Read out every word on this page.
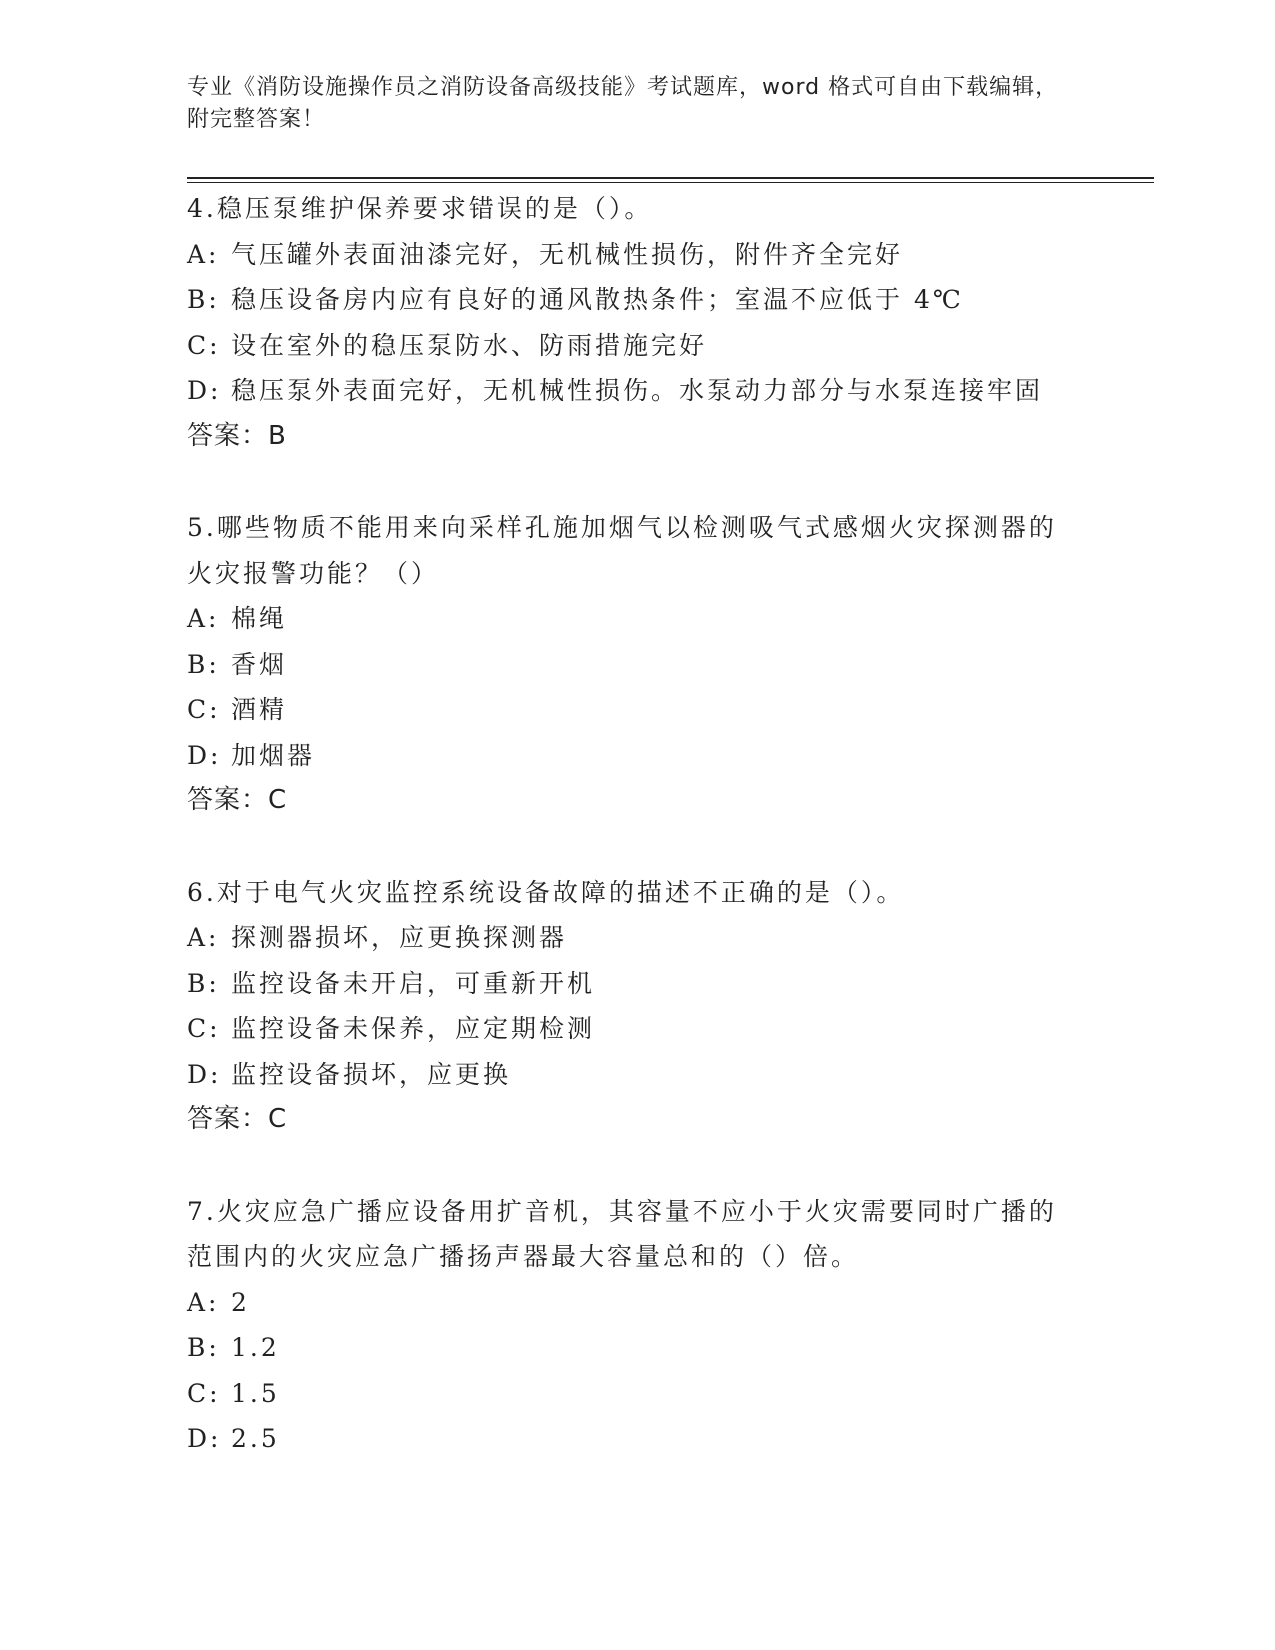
专业《消防设施操作员之消防设备高级技能》考试题库，word 格式可自由下载编辑，附完整答案！
4.稳压泵维护保养要求错误的是（）。
A: 气压罐外表面油漆完好，无机械性损伤，附件齐全完好
B: 稳压设备房内应有良好的通风散热条件；室温不应低于 4℃
C: 设在室外的稳压泵防水、防雨措施完好
D: 稳压泵外表面完好，无机械性损伤。水泵动力部分与水泵连接牢固
答案：B
5.哪些物质不能用来向采样孔施加烟气以检测吸气式感烟火灾探测器的火灾报警功能？（）
A: 棉绳
B: 香烟
C: 酒精
D: 加烟器
答案：C
6.对于电气火灾监控系统设备故障的描述不正确的是（）。
A: 探测器损坏，应更换探测器
B: 监控设备未开启，可重新开机
C: 监控设备未保养，应定期检测
D: 监控设备损坏，应更换
答案：C
7.火灾应急广播应设备用扩音机，其容量不应小于火灾需要同时广播的范围内的火灾应急广播扬声器最大容量总和的（）倍。
A: 2
B: 1.2
C: 1.5
D: 2.5
